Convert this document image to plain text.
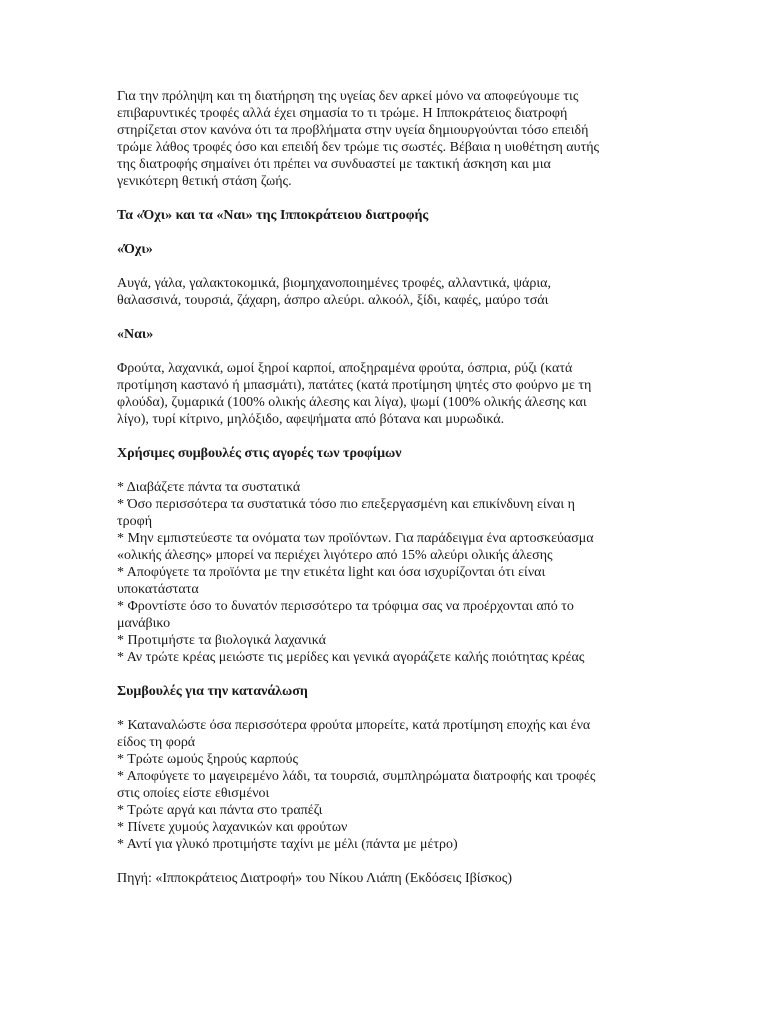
Για την πρόληψη και τη διατήρηση της υγείας δεν αρκεί μόνο να αποφεύγουμε τις
επιβαρυντικές τροφές αλλά έχει σημασία το τι τρώμε. Η Ιπποκράτειος διατροφή
στηρίζεται στον κανόνα ότι τα προβλήματα στην υγεία δημιουργούνται τόσο επειδή
τρώμε λάθος τροφές όσο και επειδή δεν τρώμε τις σωστές. Βέβαια η υιοθέτηση αυτής
της διατροφής σημαίνει ότι πρέπει να συνδυαστεί με τακτική άσκηση και μια
γενικότερη θετική στάση ζωής.

Τα «Όχι» και τα «Ναι» της Ιπποκράτειου διατροφής

«Όχι»

Αυγά, γάλα, γαλακτοκομικά, βιομηχανοποιημένες τροφές, αλλαντικά, ψάρια,
θαλασσινά, τουρσιά, ζάχαρη, άσπρο αλεύρι. αλκοόλ, ξίδι, καφές, μαύρο τσάι

«Ναι»

Φρούτα, λαχανικά, ωμοί ξηροί καρποί, αποξηραμένα φρούτα, όσπρια, ρύζι (κατά
προτίμηση καστανό ή μπασμάτι), πατάτες (κατά προτίμηση ψητές στο φούρνο με τη
φλούδα), ζυμαρικά (100% ολικής άλεσης και λίγα), ψωμί (100% ολικής άλεσης και
λίγο), τυρί κίτρινο, μηλόξιδο, αφεψήματα από βότανα και μυρωδικά.

Χρήσιμες συμβουλές στις αγορές των τροφίμων

* Διαβάζετε πάντα τα συστατικά
* Όσο περισσότερα τα συστατικά τόσο πιο επεξεργασμένη και επικίνδυνη είναι η
τροφή
* Μην εμπιστεύεστε τα ονόματα των προϊόντων. Για παράδειγμα ένα αρτοσκεύασμα
«ολικής άλεσης» μπορεί να περιέχει λιγότερο από 15% αλεύρι ολικής άλεσης
* Αποφύγετε τα προϊόντα με την ετικέτα light και όσα ισχυρίζονται ότι είναι
υποκατάστατα
* Φροντίστε όσο το δυνατόν περισσότερο τα τρόφιμα σας να προέρχονται από το
μανάβικο
* Προτιμήστε τα βιολογικά λαχανικά
* Αν τρώτε κρέας μειώστε τις μερίδες και γενικά αγοράζετε καλής ποιότητας κρέας

Συμβουλές για την κατανάλωση

* Καταναλώστε όσα περισσότερα φρούτα μπορείτε, κατά προτίμηση εποχής και ένα
είδος τη φορά
* Τρώτε ωμούς ξηρούς καρπούς
* Αποφύγετε το μαγειρεμένο λάδι, τα τουρσιά, συμπληρώματα διατροφής και τροφές
στις οποίες είστε εθισμένοι
* Τρώτε αργά και πάντα στο τραπέζι
* Πίνετε χυμούς λαχανικών και φρούτων
* Αντί για γλυκό προτιμήστε ταχίνι με μέλι (πάντα με μέτρο)

Πηγή: «Ιπποκράτειος Διατροφή» του Νίκου Λιάπη (Εκδόσεις Ιβίσκος)
